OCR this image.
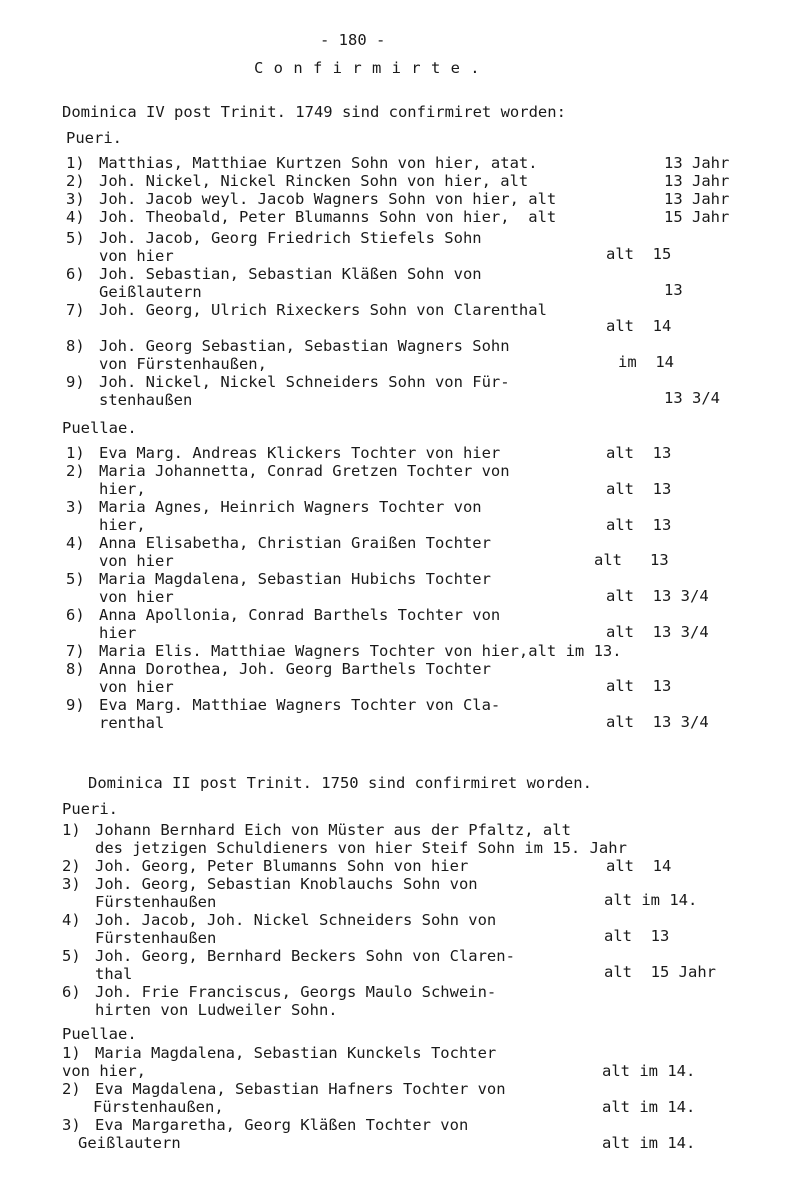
- 180 -
C o n f i r m i r t e .
Dominica IV post Trinit. 1749 sind confirmiret worden:
Pueri.
1) Matthias, Matthiae Kurtzen Sohn von hier, atat.	13 Jahr
2) Joh. Nickel, Nickel Rincken Sohn von hier, alt	13 Jahr
3) Joh. Jacob weyl. Jacob Wagners Sohn von hier, alt	13 Jahr
4) Joh. Theobald, Peter Blumanns Sohn von hier,  alt	15 Jahr
5) Joh. Jacob, Georg Friedrich Stiefels Sohn
von hier	alt  15
6) Joh. Sebastian, Sebastian Kläßen Sohn von
Geißlautern	13
7) Joh. Georg, Ulrich Rixeckers Sohn von Clarenthal
alt  14
8) Joh. Georg Sebastian, Sebastian Wagners Sohn
von Fürstenhaußen,	im  14
9) Joh. Nickel, Nickel Schneiders Sohn von Für-
stenhaußen	13 3/4
Puellae.
1) Eva Marg. Andreas Klickers Tochter von hier	alt  13
2) Maria Johannetta, Conrad Gretzen Tochter von
hier,	alt  13
3) Maria Agnes, Heinrich Wagners Tochter von
hier,	alt  13
4) Anna Elisabetha, Christian Graißen Tochter
von hier	alt   13
5) Maria Magdalena, Sebastian Hubichs Tochter
von hier	alt  13 3/4
6) Anna Apollonia, Conrad Barthels Tochter von
hier	alt  13 3/4
7) Maria Elis. Matthiae Wagners Tochter von hier,alt im 13.
8) Anna Dorothea, Joh. Georg Barthels Tochter
von hier	alt  13
9) Eva Marg. Matthiae Wagners Tochter von Cla-
renthal	alt  13 3/4
Dominica II post Trinit. 1750 sind confirmiret worden.
Pueri.
1) Johann Bernhard Eich von Müster aus der Pfaltz, alt
des jetzigen Schuldieners von hier Steif Sohn im 15. Jahr
2) Joh. Georg, Peter Blumanns Sohn von hier	alt  14
3) Joh. Georg, Sebastian Knoblauchs Sohn von
Fürstenhaußen	alt im 14.
4) Joh. Jacob, Joh. Nickel Schneiders Sohn von
Fürstenhaußen	alt  13
5) Joh. Georg, Bernhard Beckers Sohn von Claren-
thal	alt  15 Jahr
6) Joh. Frie Franciscus, Georgs Maulo Schwein-
hirten von Ludweiler Sohn.
Puellae.
1) Maria Magdalena, Sebastian Kunckels Tochter
von hier,	alt im 14.
2) Eva Magdalena, Sebastian Hafners Tochter von
Fürstenhaußen,	alt im 14.
3) Eva Margaretha, Georg Kläßen Tochter von
Geißlautern	alt im 14.
